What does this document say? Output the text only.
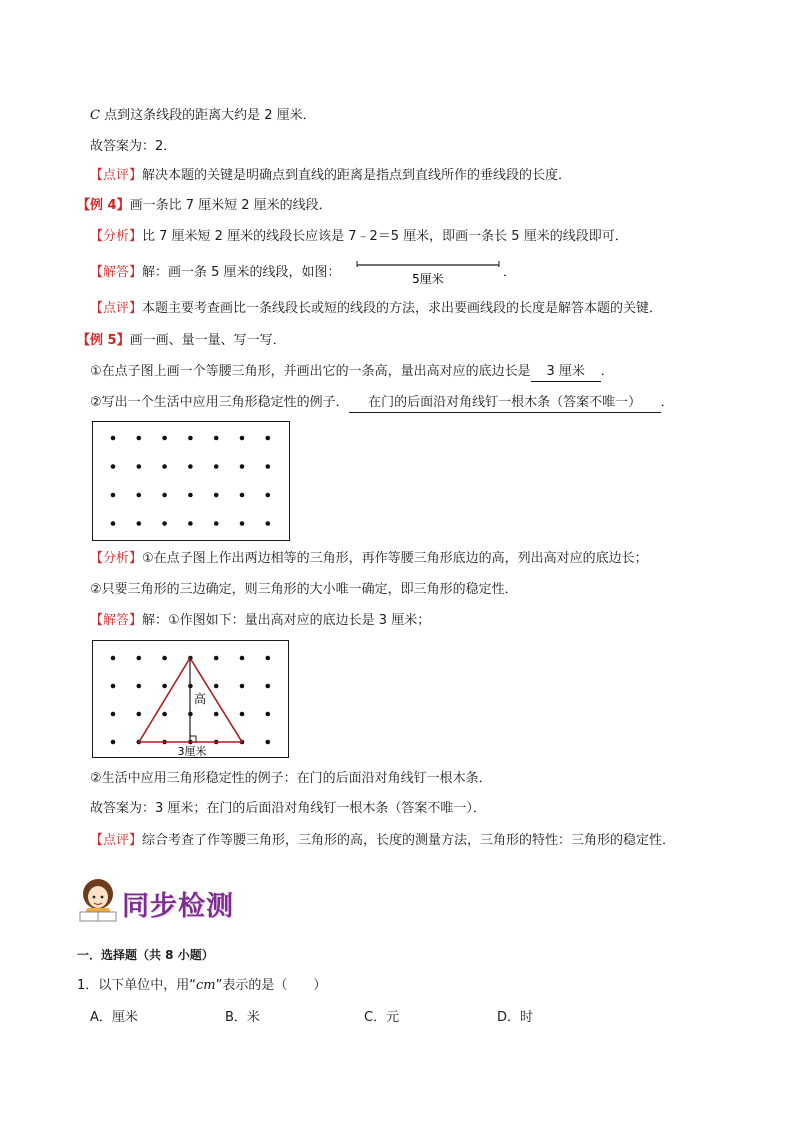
C 点到这条线段的距离大约是 2 厘米．
故答案为：2．
【点评】解决本题的关键是明确点到直线的距离是指点到直线所作的垂线段的长度．
【例 4】画一条比 7 厘米短 2 厘米的线段．
【分析】比 7 厘米短 2 厘米的线段长应该是 7﹣2＝5 厘米，即画一条长 5 厘米的线段即可．
【解答】解：画一条 5 厘米的线段，如图：	5厘米	．
【点评】本题主要考查画比一条线段长或短的线段的方法，求出要画线段的长度是解答本题的关键．
【例 5】画一画、量一量、写一写．
①在点子图上画一个等腰三角形，并画出它的一条高，量出高对应的底边长是 3 厘米 ．
②写出一个生活中应用三角形稳定性的例子． 在门的后面沿对角线钉一根木条（答案不唯一） ．
【分析】①在点子图上作出两边相等的三角形，再作等腰三角形底边的高，列出高对应的底边长；
②只要三角形的三边确定，则三角形的大小唯一确定，即三角形的稳定性．
【解答】解：①作图如下：量出高对应的底边长是 3 厘米；
高
3厘米
②生活中应用三角形稳定性的例子：在门的后面沿对角线钉一根木条．
故答案为：3 厘米；在门的后面沿对角线钉一根木条（答案不唯一）．
【点评】综合考查了作等腰三角形，三角形的高，长度的测量方法，三角形的特性：三角形的稳定性．
同步检测
一．选择题（共 8 小题）
1．以下单位中，用“cm”表示的是（　　）
A．厘米	B．米	C．元	D．时
